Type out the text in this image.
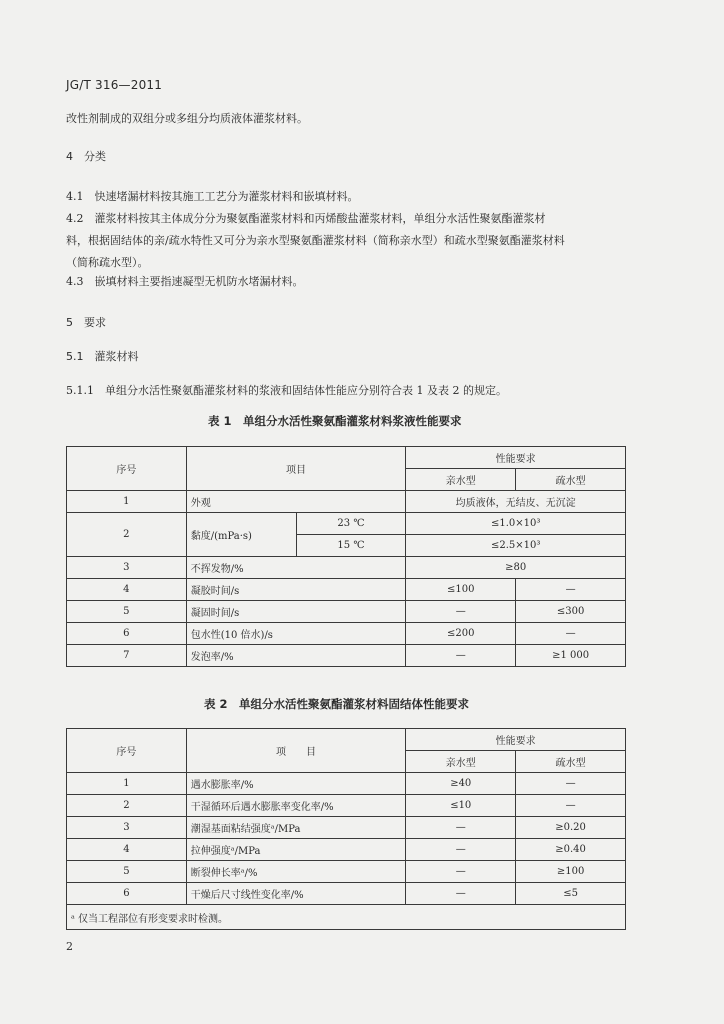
JG/T 316—2011
改性剂制成的双组分或多组分均质液体灌浆材料。
4　分类
4.1　快速堵漏材料按其施工工艺分为灌浆材料和嵌填材料。
4.2　灌浆材料按其主体成分分为聚氨酯灌浆材料和丙烯酸盐灌浆材料，单组分水活性聚氨酯灌浆材
料，根据固结体的亲/疏水特性又可分为亲水型聚氨酯灌浆材料（简称亲水型）和疏水型聚氨酯灌浆材料
（简称疏水型）。
4.3　嵌填材料主要指速凝型无机防水堵漏材料。
5　要求
5.1　灌浆材料
5.1.1　单组分水活性聚氨酯灌浆材料的浆液和固结体性能应分别符合表 1 及表 2 的规定。
表 1　单组分水活性聚氨酯灌浆材料浆液性能要求
序号	项目		性能要求	
			亲水型	疏水型
1	外观		均质液体，无结皮、无沉淀	
2	黏度/(mPa·s)	23 ℃	≤1.0×10³	
		15 ℃	≤2.5×10³	
3	不挥发物/%		≥80	
4	凝胶时间/s		≤100	—
5	凝固时间/s		—	≤300
6	包水性(10 倍水)/s		≤200	—
7	发泡率/%		—	≥1 000
表 2　单组分水活性聚氨酯灌浆材料固结体性能要求
序号	项　　目	性能要求	
		亲水型	疏水型
1	遇水膨胀率/%	≥40	—
2	干湿循环后遇水膨胀率变化率/%	≤10	—
3	潮湿基面粘结强度ᵃ/MPa	—	≥0.20
4	拉伸强度ᵃ/MPa	—	≥0.40
5	断裂伸长率ᵃ/%	—	≥100
6	干燥后尺寸线性变化率/%	—	≤5
ᵃ 仅当工程部位有形变要求时检测。			
2
